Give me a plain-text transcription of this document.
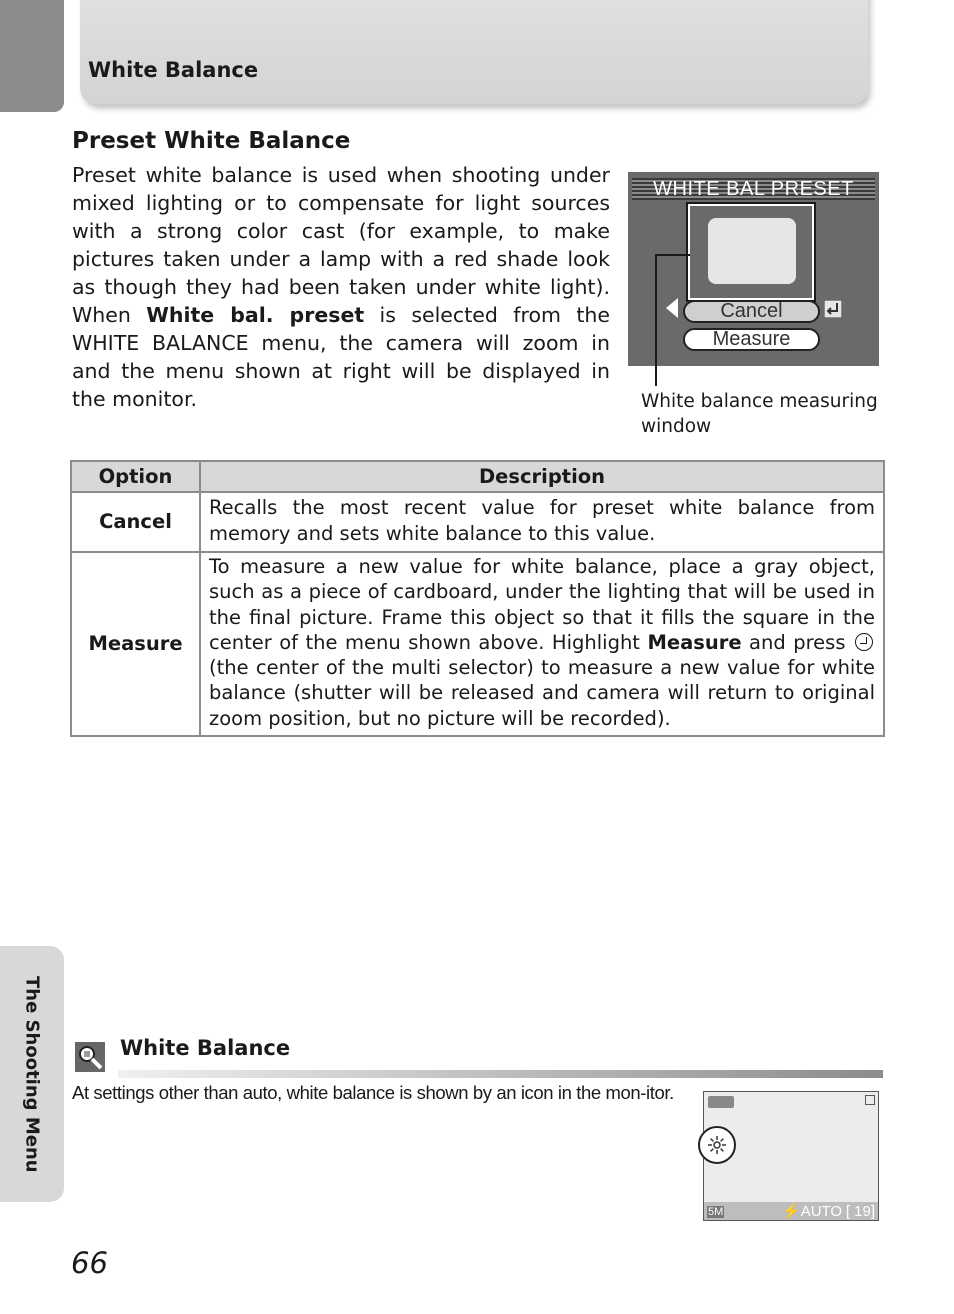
White Balance
Preset White Balance
Preset white balance is used when shooting under mixed lighting or to compensate for light sources with a strong color cast (for example, to make pictures taken under a lamp with a red shade look as though they had been taken under white light). When White bal. preset is selected from the WHITE BALANCE menu, the camera will zoom in and the menu shown at right will be displayed in the monitor.
WHITE BAL PRESET
Cancel
Measure
White balance measuring window
Option	Description
Cancel	Recalls the most recent value for preset white balance from memory and sets white balance to this value.
Measure	To measure a new value for white balance, place a gray object, such as a piece of cardboard, under the lighting that will be used in the final picture. Frame this object so that it fills the square in the center of the menu shown above. Highlight Measure and press  (the center of the multi selector) to measure a new value for white balance (shutter will be released and camera will return to original zoom position, but no picture will be recorded).
The Shooting Menu	White Balance
At settings other than auto, white balance is shown by an icon in the mon-itor.
5M	⚡AUTO [ 19]
66
